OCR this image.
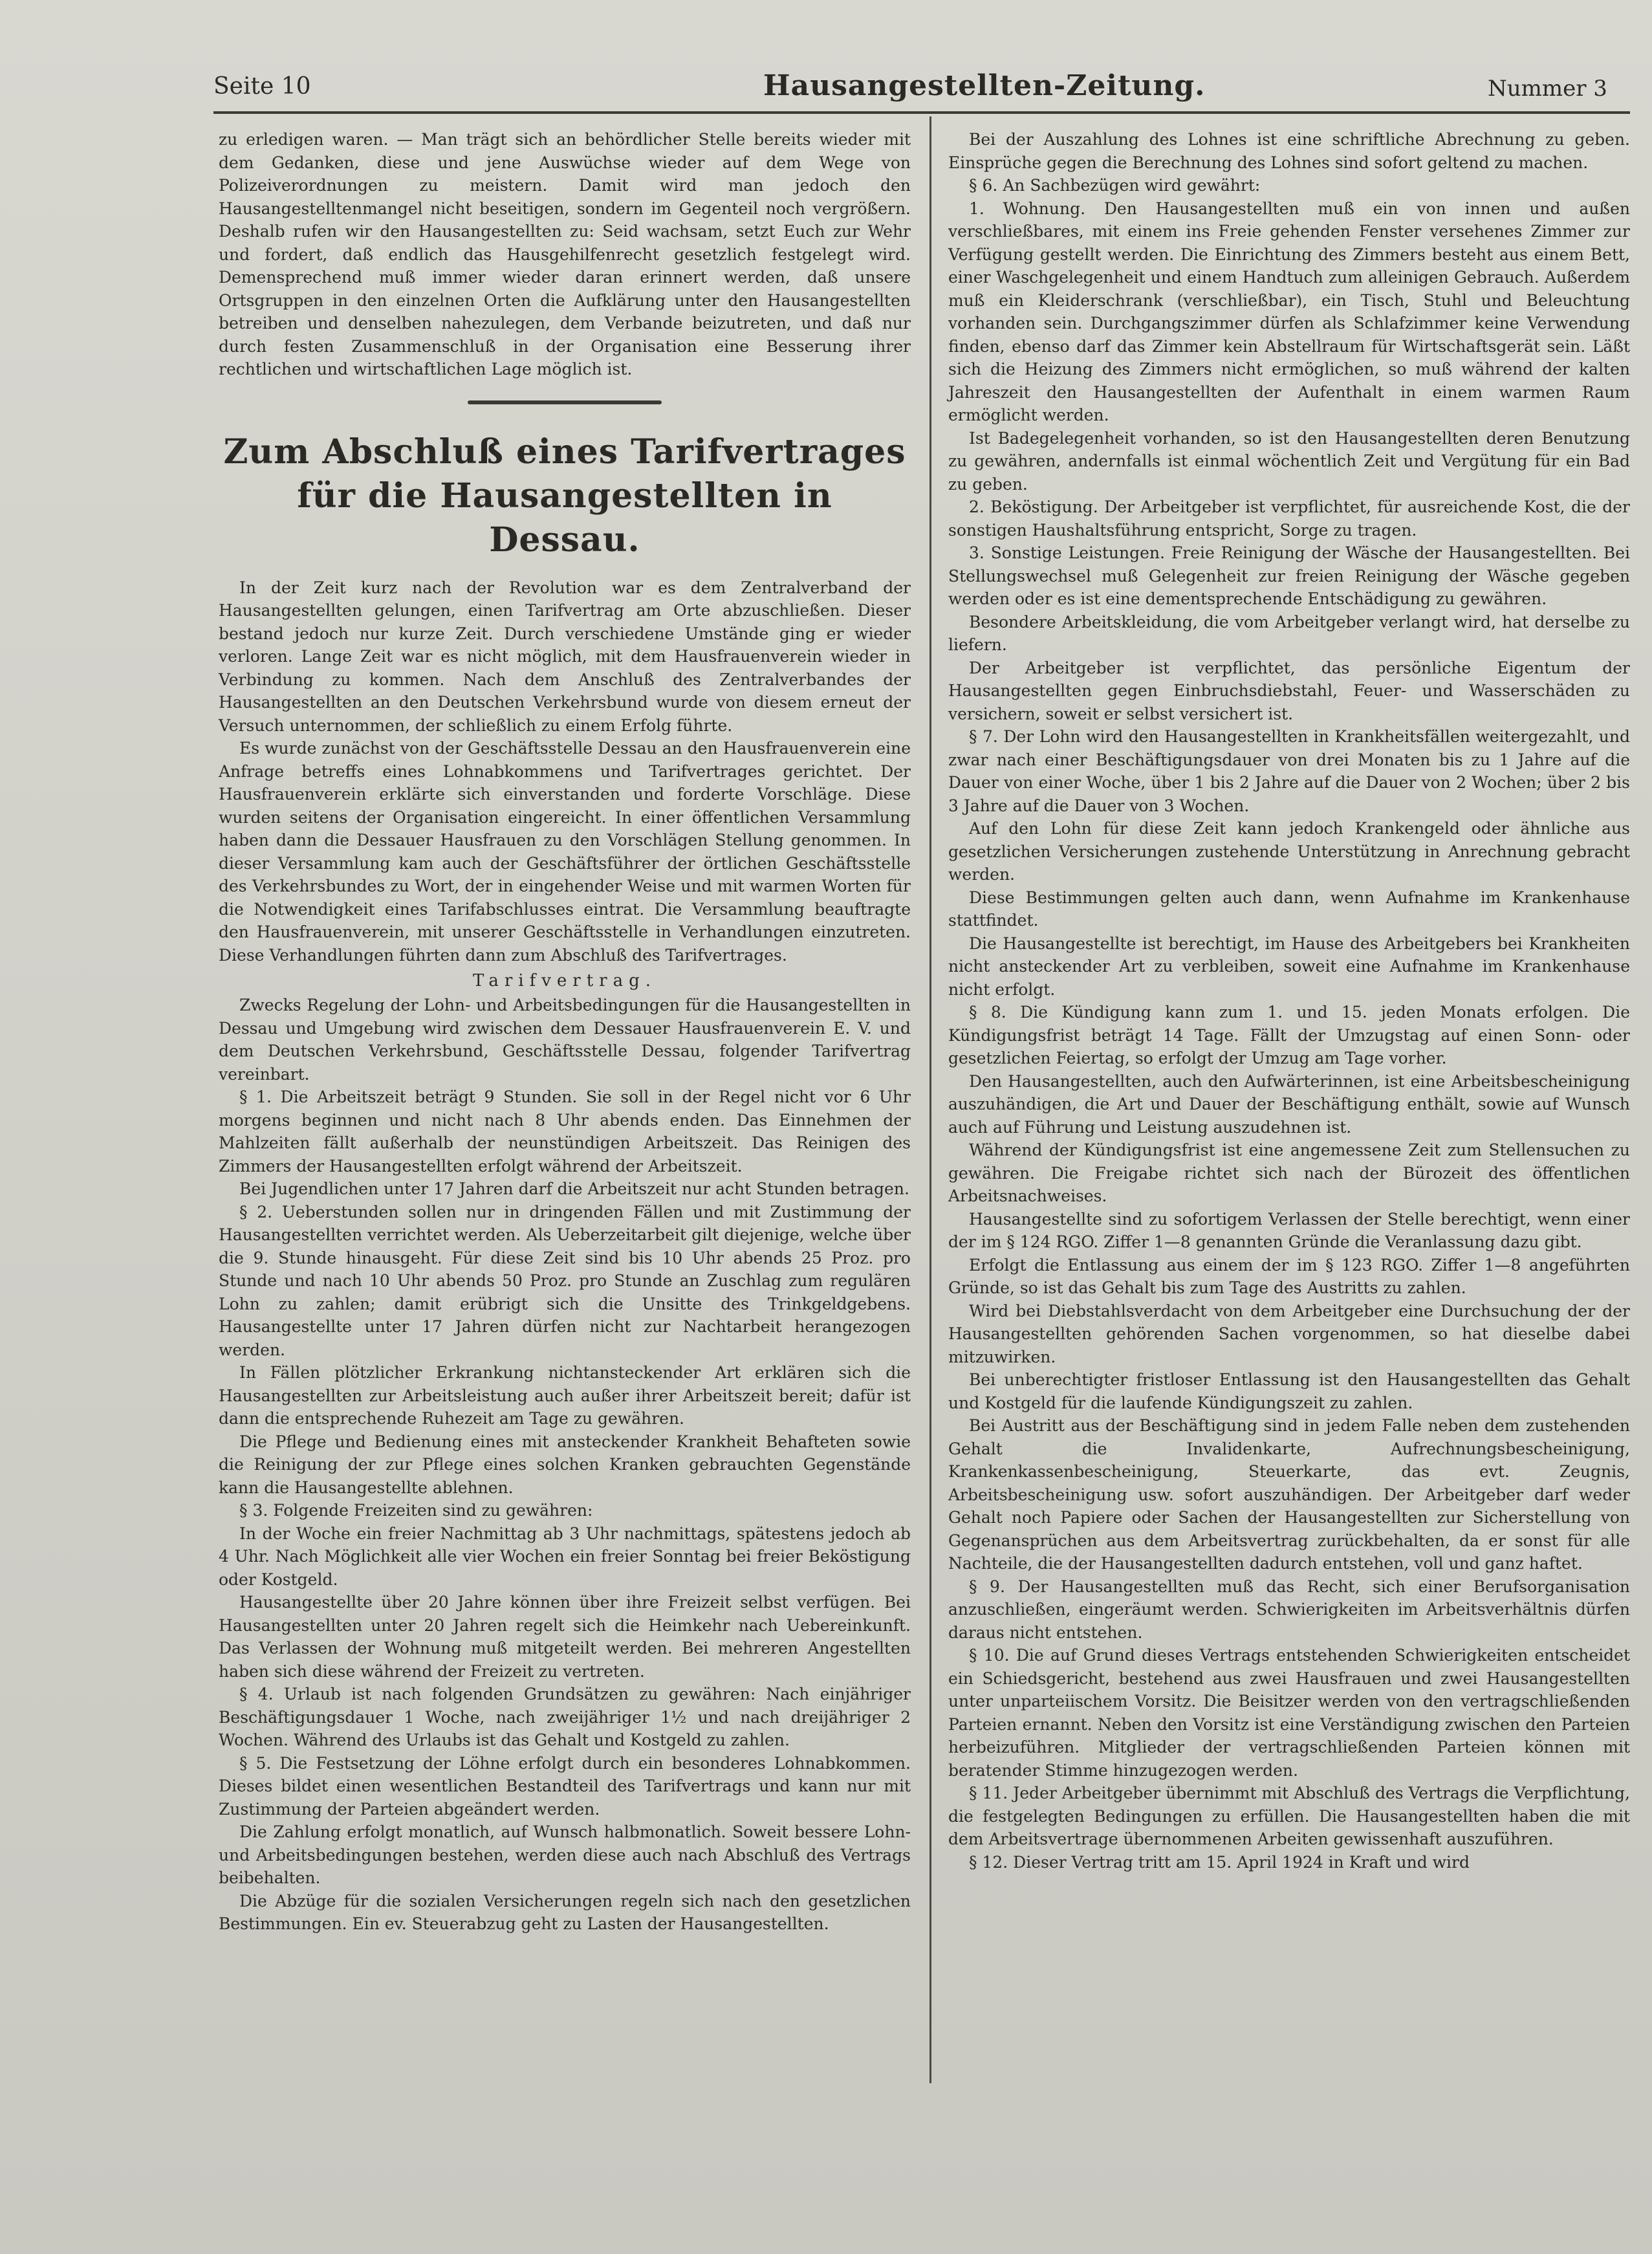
Seite 10	Hausangestellten-Zeitung.	Nummer 3

zu erledigen waren. — Man trägt sich an behördlicher Stelle bereits wieder mit dem Gedanken, diese und jene Auswüchse wieder auf dem Wege von Polizeiverordnungen zu meistern. Damit wird man jedoch den Hausangestelltenmangel nicht beseitigen, sondern im Gegenteil noch vergrößern. Deshalb rufen wir den Hausangestellten zu: Seid wachsam, setzt Euch zur Wehr und fordert, daß endlich das Hausgehilfenrecht gesetzlich festgelegt wird. Demensprechend muß immer wieder daran erinnert werden, daß unsere Ortsgruppen in den einzelnen Orten die Aufklärung unter den Hausangestellten betreiben und denselben nahezulegen, dem Verbande beizutreten, und daß nur durch festen Zusammenschluß in der Organisation eine Besserung ihrer rechtlichen und wirtschaftlichen Lage möglich ist.

Zum Abschluß eines Tarifvertrages für die Hausangestellten in Dessau.

In der Zeit kurz nach der Revolution war es dem Zentralverband der Hausangestellten gelungen, einen Tarifvertrag am Orte abzuschließen. Dieser bestand jedoch nur kurze Zeit. Durch verschiedene Umstände ging er wieder verloren. Lange Zeit war es nicht möglich, mit dem Hausfrauenverein wieder in Verbindung zu kommen. Nach dem Anschluß des Zentralverbandes der Hausangestellten an den Deutschen Verkehrsbund wurde von diesem erneut der Versuch unternommen, der schließlich zu einem Erfolg führte.

Es wurde zunächst von der Geschäftsstelle Dessau an den Hausfrauenverein eine Anfrage betreffs eines Lohnabkommens und Tarifvertrages gerichtet. Der Hausfrauenverein erklärte sich einverstanden und forderte Vorschläge. Diese wurden seitens der Organisation eingereicht. In einer öffentlichen Versammlung haben dann die Dessauer Hausfrauen zu den Vorschlägen Stellung genommen. In dieser Versammlung kam auch der Geschäftsführer der örtlichen Geschäftsstelle des Verkehrsbundes zu Wort, der in eingehender Weise und mit warmen Worten für die Notwendigkeit eines Tarifabschlusses eintrat. Die Versammlung beauftragte den Hausfrauenverein, mit unserer Geschäftsstelle in Verhandlungen einzutreten. Diese Verhandlungen führten dann zum Abschluß des Tarifvertrages.

Tarifvertrag.

Zwecks Regelung der Lohn- und Arbeitsbedingungen für die Hausangestellten in Dessau und Umgebung wird zwischen dem Dessauer Hausfrauenverein E. V. und dem Deutschen Verkehrsbund, Geschäftsstelle Dessau, folgender Tarifvertrag vereinbart.

§ 1. Die Arbeitszeit beträgt 9 Stunden. Sie soll in der Regel nicht vor 6 Uhr morgens beginnen und nicht nach 8 Uhr abends enden. Das Einnehmen der Mahlzeiten fällt außerhalb der neunstündigen Arbeitszeit. Das Reinigen des Zimmers der Hausangestellten erfolgt während der Arbeitszeit.

Bei Jugendlichen unter 17 Jahren darf die Arbeitszeit nur acht Stunden betragen.

§ 2. Ueberstunden sollen nur in dringenden Fällen und mit Zustimmung der Hausangestellten verrichtet werden. Als Ueberzeitarbeit gilt diejenige, welche über die 9. Stunde hinausgeht. Für diese Zeit sind bis 10 Uhr abends 25 Proz. pro Stunde und nach 10 Uhr abends 50 Proz. pro Stunde an Zuschlag zum regulären Lohn zu zahlen; damit erübrigt sich die Unsitte des Trinkgeldgebens. Hausangestellte unter 17 Jahren dürfen nicht zur Nachtarbeit herangezogen werden.

In Fällen plötzlicher Erkrankung nichtansteckender Art erklären sich die Hausangestellten zur Arbeitsleistung auch außer ihrer Arbeitszeit bereit; dafür ist dann die entsprechende Ruhezeit am Tage zu gewähren.

Die Pflege und Bedienung eines mit ansteckender Krankheit Behafteten sowie die Reinigung der zur Pflege eines solchen Kranken gebrauchten Gegenstände kann die Hausangestellte ablehnen.

§ 3. Folgende Freizeiten sind zu gewähren:

In der Woche ein freier Nachmittag ab 3 Uhr nachmittags, spätestens jedoch ab 4 Uhr. Nach Möglichkeit alle vier Wochen ein freier Sonntag bei freier Beköstigung oder Kostgeld.

Hausangestellte über 20 Jahre können über ihre Freizeit selbst verfügen. Bei Hausangestellten unter 20 Jahren regelt sich die Heimkehr nach Uebereinkunft. Das Verlassen der Wohnung muß mitgeteilt werden. Bei mehreren Angestellten haben sich diese während der Freizeit zu vertreten.

§ 4. Urlaub ist nach folgenden Grundsätzen zu gewähren: Nach einjähriger Beschäftigungsdauer 1 Woche, nach zweijähriger 1½ und nach dreijähriger 2 Wochen. Während des Urlaubs ist das Gehalt und Kostgeld zu zahlen.

§ 5. Die Festsetzung der Löhne erfolgt durch ein besonderes Lohnabkommen. Dieses bildet einen wesentlichen Bestandteil des Tarifvertrags und kann nur mit Zustimmung der Parteien abgeändert werden.

Die Zahlung erfolgt monatlich, auf Wunsch halbmonatlich. Soweit bessere Lohn- und Arbeitsbedingungen bestehen, werden diese auch nach Abschluß des Vertrags beibehalten.

Die Abzüge für die sozialen Versicherungen regeln sich nach den gesetzlichen Bestimmungen. Ein ev. Steuerabzug geht zu Lasten der Hausangestellten.

Bei der Auszahlung des Lohnes ist eine schriftliche Abrechnung zu geben. Einsprüche gegen die Berechnung des Lohnes sind sofort geltend zu machen.

§ 6. An Sachbezügen wird gewährt:

1. Wohnung. Den Hausangestellten muß ein von innen und außen verschließbares, mit einem ins Freie gehenden Fenster versehenes Zimmer zur Verfügung gestellt werden. Die Einrichtung des Zimmers besteht aus einem Bett, einer Waschgelegenheit und einem Handtuch zum alleinigen Gebrauch. Außerdem muß ein Kleiderschrank (verschließbar), ein Tisch, Stuhl und Beleuchtung vorhanden sein. Durchgangszimmer dürfen als Schlafzimmer keine Verwendung finden, ebenso darf das Zimmer kein Abstellraum für Wirtschaftsgerät sein. Läßt sich die Heizung des Zimmers nicht ermöglichen, so muß während der kalten Jahreszeit den Hausangestellten der Aufenthalt in einem warmen Raum ermöglicht werden.

Ist Badegelegenheit vorhanden, so ist den Hausangestellten deren Benutzung zu gewähren, andernfalls ist einmal wöchentlich Zeit und Vergütung für ein Bad zu geben.

2. Beköstigung. Der Arbeitgeber ist verpflichtet, für ausreichende Kost, die der sonstigen Haushaltsführung entspricht, Sorge zu tragen.

3. Sonstige Leistungen. Freie Reinigung der Wäsche der Hausangestellten. Bei Stellungswechsel muß Gelegenheit zur freien Reinigung der Wäsche gegeben werden oder es ist eine dementsprechende Entschädigung zu gewähren.

Besondere Arbeitskleidung, die vom Arbeitgeber verlangt wird, hat derselbe zu liefern.

Der Arbeitgeber ist verpflichtet, das persönliche Eigentum der Hausangestellten gegen Einbruchsdiebstahl, Feuer- und Wasserschäden zu versichern, soweit er selbst versichert ist.

§ 7. Der Lohn wird den Hausangestellten in Krankheitsfällen weitergezahlt, und zwar nach einer Beschäftigungsdauer von drei Monaten bis zu 1 Jahre auf die Dauer von einer Woche, über 1 bis 2 Jahre auf die Dauer von 2 Wochen; über 2 bis 3 Jahre auf die Dauer von 3 Wochen.

Auf den Lohn für diese Zeit kann jedoch Krankengeld oder ähnliche aus gesetzlichen Versicherungen zustehende Unterstützung in Anrechnung gebracht werden.

Diese Bestimmungen gelten auch dann, wenn Aufnahme im Krankenhause stattfindet.

Die Hausangestellte ist berechtigt, im Hause des Arbeitgebers bei Krankheiten nicht ansteckender Art zu verbleiben, soweit eine Aufnahme im Krankenhause nicht erfolgt.

§ 8. Die Kündigung kann zum 1. und 15. jeden Monats erfolgen. Die Kündigungsfrist beträgt 14 Tage. Fällt der Umzugstag auf einen Sonn- oder gesetzlichen Feiertag, so erfolgt der Umzug am Tage vorher.

Den Hausangestellten, auch den Aufwärterinnen, ist eine Arbeitsbescheinigung auszuhändigen, die Art und Dauer der Beschäftigung enthält, sowie auf Wunsch auch auf Führung und Leistung auszudehnen ist.

Während der Kündigungsfrist ist eine angemessene Zeit zum Stellensuchen zu gewähren. Die Freigabe richtet sich nach der Bürozeit des öffentlichen Arbeitsnachweises.

Hausangestellte sind zu sofortigem Verlassen der Stelle berechtigt, wenn einer der im § 124 RGO. Ziffer 1—8 genannten Gründe die Veranlassung dazu gibt.

Erfolgt die Entlassung aus einem der im § 123 RGO. Ziffer 1—8 angeführten Gründe, so ist das Gehalt bis zum Tage des Austritts zu zahlen.

Wird bei Diebstahlsverdacht von dem Arbeitgeber eine Durchsuchung der der Hausangestellten gehörenden Sachen vorgenommen, so hat dieselbe dabei mitzuwirken.

Bei unberechtigter fristloser Entlassung ist den Hausangestellten das Gehalt und Kostgeld für die laufende Kündigungszeit zu zahlen.

Bei Austritt aus der Beschäftigung sind in jedem Falle neben dem zustehenden Gehalt die Invalidenkarte, Aufrechnungsbescheinigung, Krankenkassenbescheinigung, Steuerkarte, das evt. Zeugnis, Arbeitsbescheinigung usw. sofort auszuhändigen. Der Arbeitgeber darf weder Gehalt noch Papiere oder Sachen der Hausangestellten zur Sicherstellung von Gegenansprüchen aus dem Arbeitsvertrag zurückbehalten, da er sonst für alle Nachteile, die der Hausangestellten dadurch entstehen, voll und ganz haftet.

§ 9. Der Hausangestellten muß das Recht, sich einer Berufsorganisation anzuschließen, eingeräumt werden. Schwierigkeiten im Arbeitsverhältnis dürfen daraus nicht entstehen.

§ 10. Die auf Grund dieses Vertrags entstehenden Schwierigkeiten entscheidet ein Schiedsgericht, bestehend aus zwei Hausfrauen und zwei Hausangestellten unter unparteiischem Vorsitz. Die Beisitzer werden von den vertragschließenden Parteien ernannt. Neben den Vorsitz ist eine Verständigung zwischen den Parteien herbeizuführen. Mitglieder der vertragschließenden Parteien können mit beratender Stimme hinzugezogen werden.

§ 11. Jeder Arbeitgeber übernimmt mit Abschluß des Vertrags die Verpflichtung, die festgelegten Bedingungen zu erfüllen. Die Hausangestellten haben die mit dem Arbeitsvertrage übernommenen Arbeiten gewissenhaft auszuführen.

§ 12. Dieser Vertrag tritt am 15. April 1924 in Kraft und wird
